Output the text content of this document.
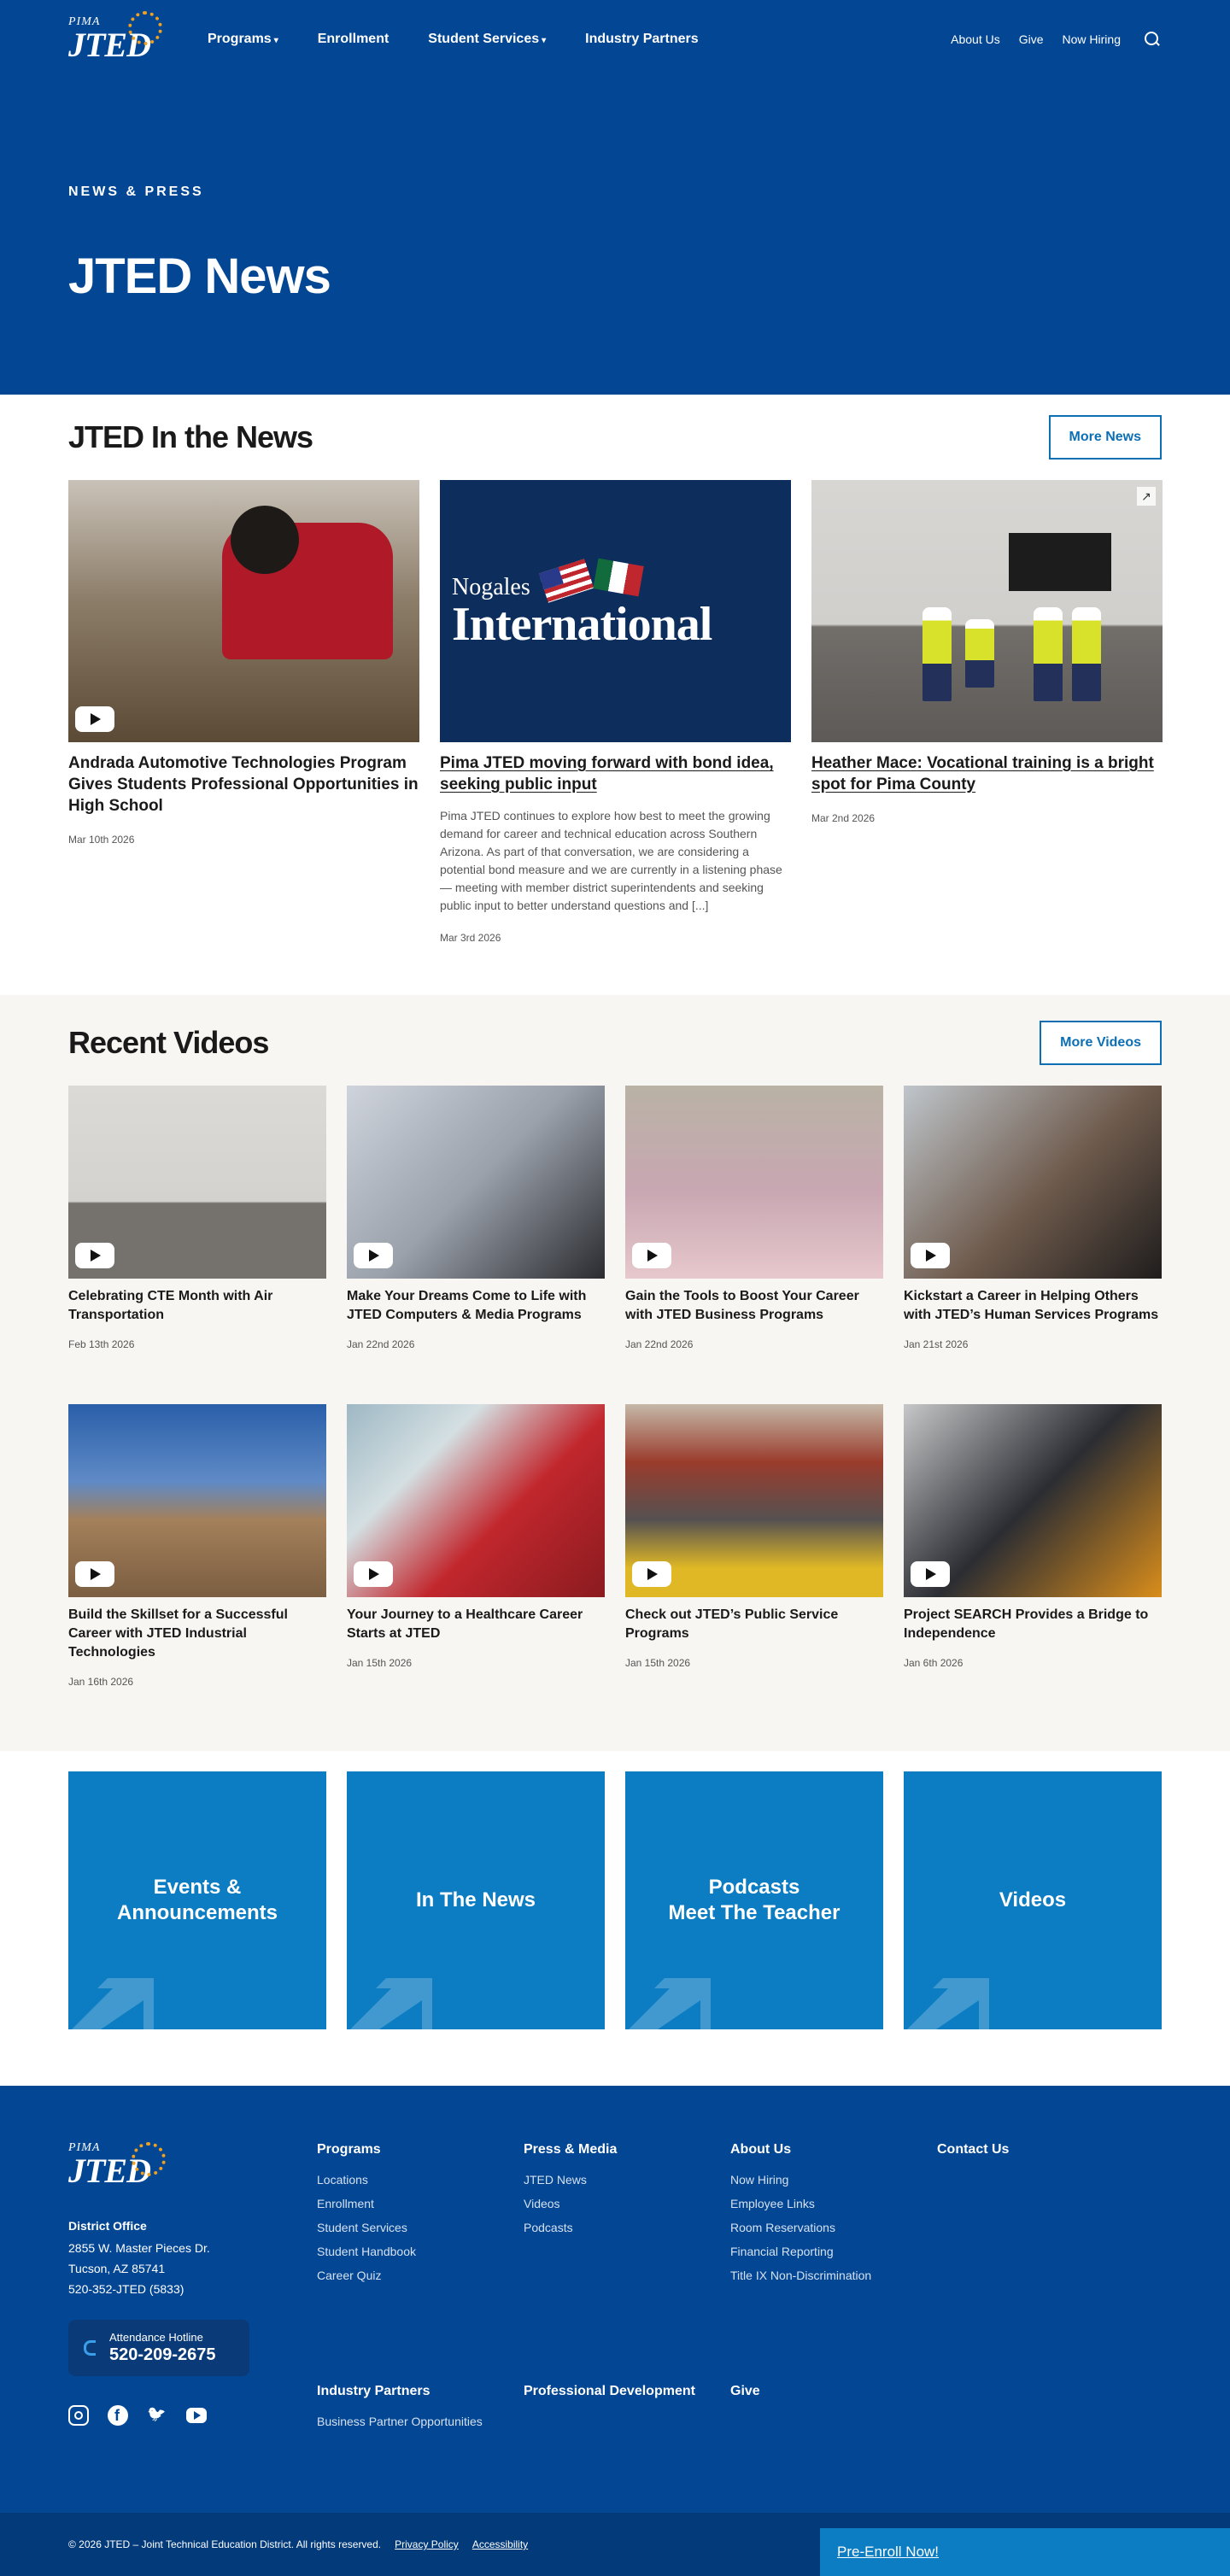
PIMA
JTED	Programs ▾	Enrollment	Student Services ▾	Industry Partners	About Us Give Now Hiring
NEWS & PRESS
JTED News
JTED In the News	More News
Andrada Automotive Technologies Program Gives Students Professional Opportunities in High School
Mar 10th 2026
Nogales
International
Pima JTED moving forward with bond idea, seeking public input

Pima JTED continues to explore how best to meet the growing demand for career and technical education across Southern Arizona. As part of that conversation, we are considering a potential bond measure and we are currently in a listening phase — meeting with member district superintendents and seeking public input to better understand questions and [...]

Mar 3rd 2026
↗
Heather Mace: Vocational training is a bright spot for Pima County
Mar 2nd 2026
Recent Videos	More Videos
Celebrating CTE Month with Air Transportation
Feb 13th 2026
Make Your Dreams Come to Life with JTED Computers & Media Programs
Jan 22nd 2026
Gain the Tools to Boost Your Career with JTED Business Programs
Jan 22nd 2026
Kickstart a Career in Helping Others with JTED’s Human Services Programs
Jan 21st 2026
Build the Skillset for a Successful Career with JTED Industrial Technologies
Jan 16th 2026
Your Journey to a Healthcare Career Starts at JTED
Jan 15th 2026
Check out JTED’s Public Service Programs
Jan 15th 2026
Project SEARCH Provides a Bridge to Independence
Jan 6th 2026
Events &
Announcements
In The News
Podcasts
Meet The Teacher
Videos
PIMA
JTED
District Office
2855 W. Master Pieces Dr.
Tucson, AZ 85741
520-352-JTED (5833)
Attendance Hotline
520-209-2675
f
🐦
Programs
Locations
Enrollment
Student Services
Student Handbook
Career Quiz
Press & Media
JTED News
Videos
Podcasts
About Us
Now Hiring
Employee Links
Room Reservations
Financial Reporting
Title IX Non-Discrimination
Contact Us
Industry Partners
Business Partner Opportunities
Professional Development	Give
© 2026 JTED – Joint Technical Education District. All rights reserved. Privacy Policy Accessibility	Pre-Enroll Now!
